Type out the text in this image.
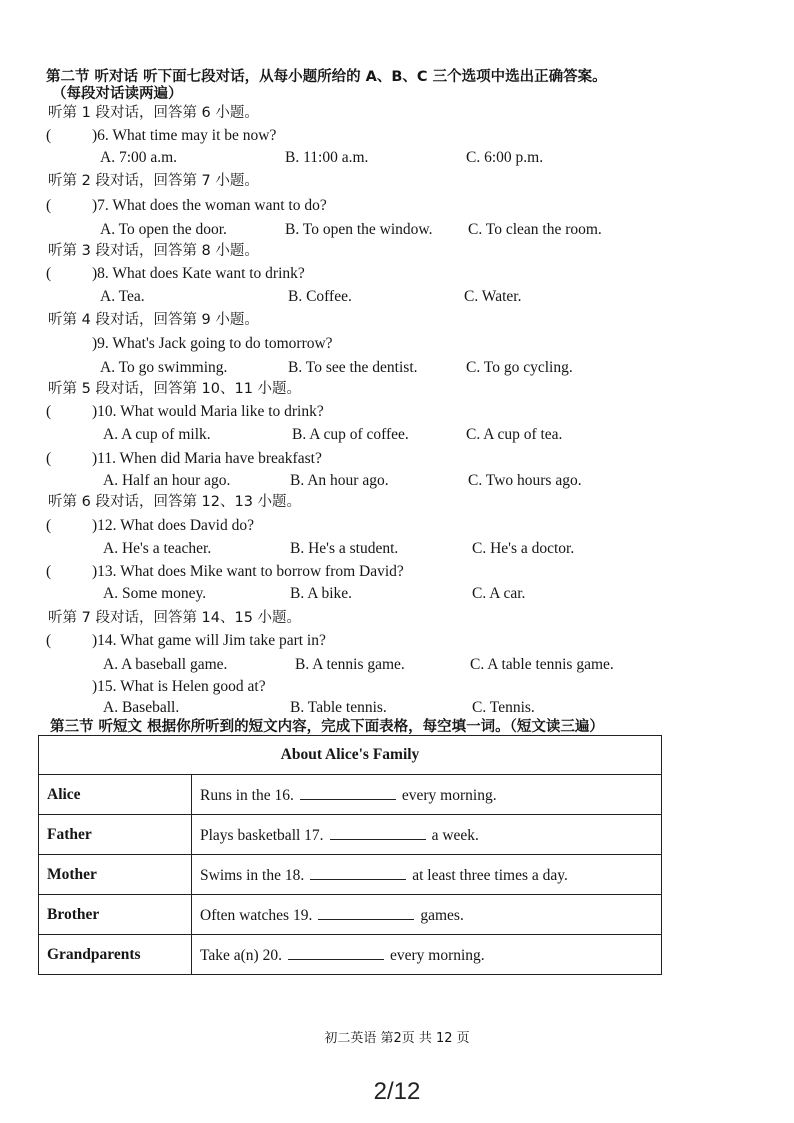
第二节 听对话 听下面七段对话，从每小题所给的 A、B、C 三个选项中选出正确答案。
（每段对话读两遍）
听第 1 段对话，回答第 6 小题。
(	)6. What time may it be now?
A. 7:00 a.m.	B. 11:00 a.m.	C. 6:00 p.m.
听第 2 段对话，回答第 7 小题。
(	)7. What does the woman want to do?
A. To open the door.	B. To open the window. C. To clean the room.
听第 3 段对话，回答第 8 小题。
(	)8. What does Kate want to drink?
A. Tea.	B. Coffee.	C. Water.
听第 4 段对话，回答第 9 小题。
)9. What's Jack going to do tomorrow?
A. To go swimming.	B. To see the dentist.	C. To go cycling.
听第 5 段对话，回答第 10、11 小题。
(	)10. What would Maria like to drink?
A. A cup of milk.	B. A cup of coffee.	C. A cup of tea.
(	)11. When did Maria have breakfast?
A. Half an hour ago.	B. An hour ago.	C. Two hours ago.
听第 6 段对话，回答第 12、13 小题。
(	)12. What does David do?
A. He's a teacher.	B. He's a student.	C. He's a doctor.
(	)13. What does Mike want to borrow from David?
A. Some money.	B. A bike.	C. A car.
听第 7 段对话，回答第 14、15 小题。
(	)14. What game will Jim take part in?
A. A baseball game.	B. A tennis game.	C. A table tennis game.
)15. What is Helen good at?
A. Baseball.	B. Table tennis.	C. Tennis.
第三节 听短文 根据你所听到的短文内容，完成下面表格，每空填一词。（短文读三遍）
About Alice's Family	
Alice	Runs in the 16. every morning.
Father	Plays basketball 17. a week.
Mother	Swims in the 18. at least three times a day.
Brother	Often watches 19. games.
Grandparents	Take a(n) 20. every morning.
初二英语 第2页 共 12 页
2/12
